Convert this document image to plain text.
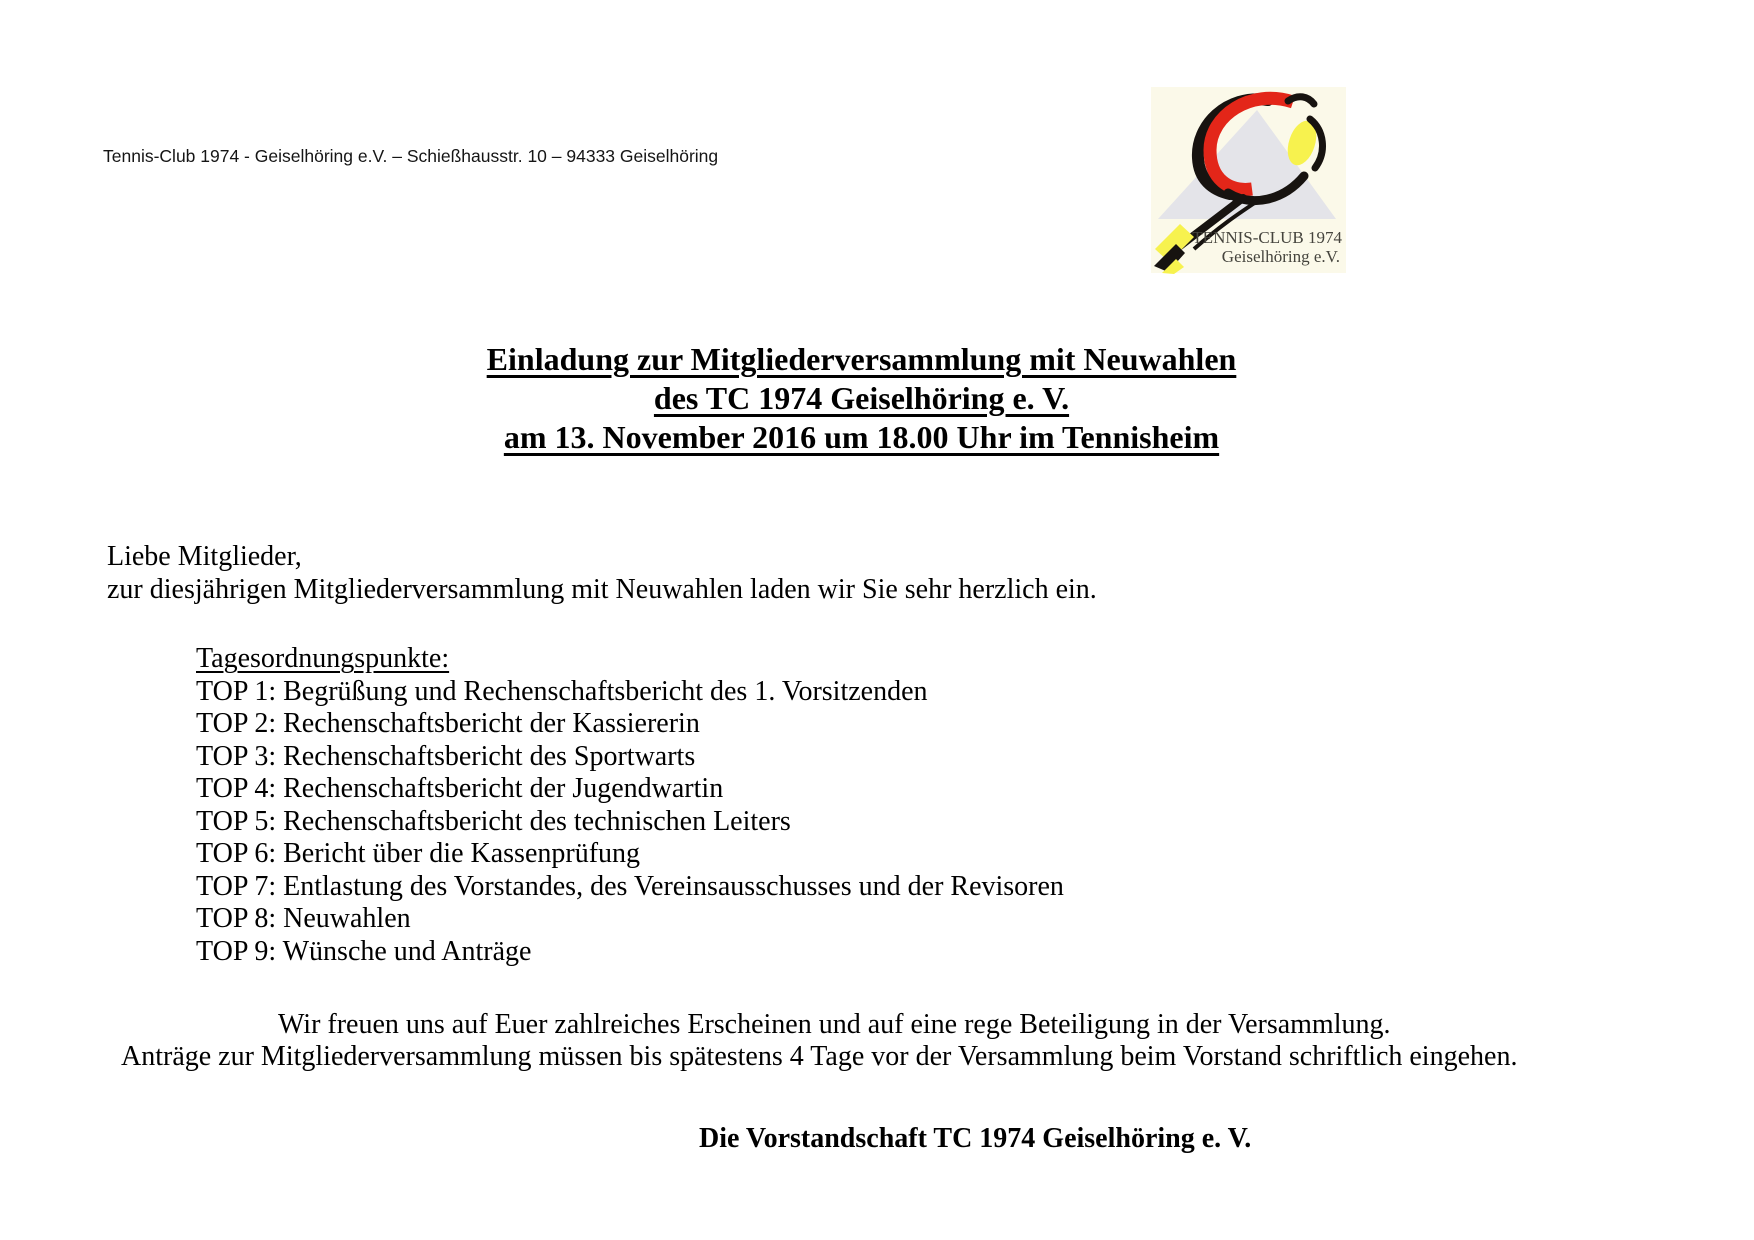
Tennis-Club 1974 - Geiselhöring e.V. – Schießhausstr. 10 – 94333 Geiselhöring
TENNIS-CLUB 1974
Geiselhöring e.V.
Einladung zur Mitgliederversammlung mit Neuwahlen
des TC 1974 Geiselhöring e. V.
am 13. November 2016 um 18.00 Uhr im Tennisheim
Liebe Mitglieder,
zur diesjährigen Mitgliederversammlung mit Neuwahlen laden wir Sie sehr herzlich ein.
Tagesordnungspunkte:
TOP 1: Begrüßung und Rechenschaftsbericht des 1. Vorsitzenden
TOP 2: Rechenschaftsbericht der Kassiererin
TOP 3: Rechenschaftsbericht des Sportwarts
TOP 4: Rechenschaftsbericht der Jugendwartin
TOP 5: Rechenschaftsbericht des technischen Leiters
TOP 6: Bericht über die Kassenprüfung
TOP 7: Entlastung des Vorstandes, des Vereinsausschusses und der Revisoren
TOP 8: Neuwahlen
TOP 9: Wünsche und Anträge
Wir freuen uns auf Euer zahlreiches Erscheinen und auf eine rege Beteiligung in der Versammlung.
Anträge zur Mitgliederversammlung müssen bis spätestens 4 Tage vor der Versammlung beim Vorstand schriftlich eingehen.
Die Vorstandschaft TC 1974 Geiselhöring e. V.
